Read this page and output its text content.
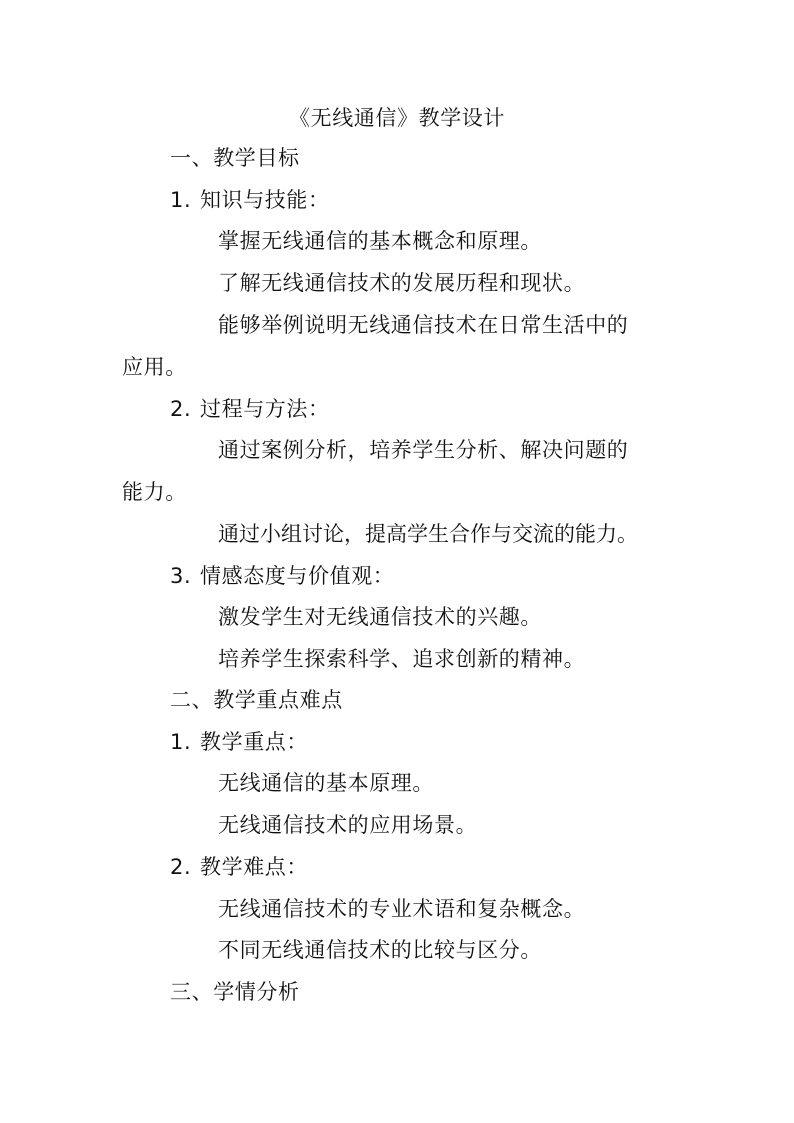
《无线通信》教学设计
一、教学目标
1. 知识与技能：
掌握无线通信的基本概念和原理。
了解无线通信技术的发展历程和现状。
能够举例说明无线通信技术在日常生活中的
应用。
2. 过程与方法：
通过案例分析，培养学生分析、解决问题的
能力。
通过小组讨论，提高学生合作与交流的能力。
3. 情感态度与价值观：
激发学生对无线通信技术的兴趣。
培养学生探索科学、追求创新的精神。
二、教学重点难点
1. 教学重点：
无线通信的基本原理。
无线通信技术的应用场景。
2. 教学难点：
无线通信技术的专业术语和复杂概念。
不同无线通信技术的比较与区分。
三、学情分析
